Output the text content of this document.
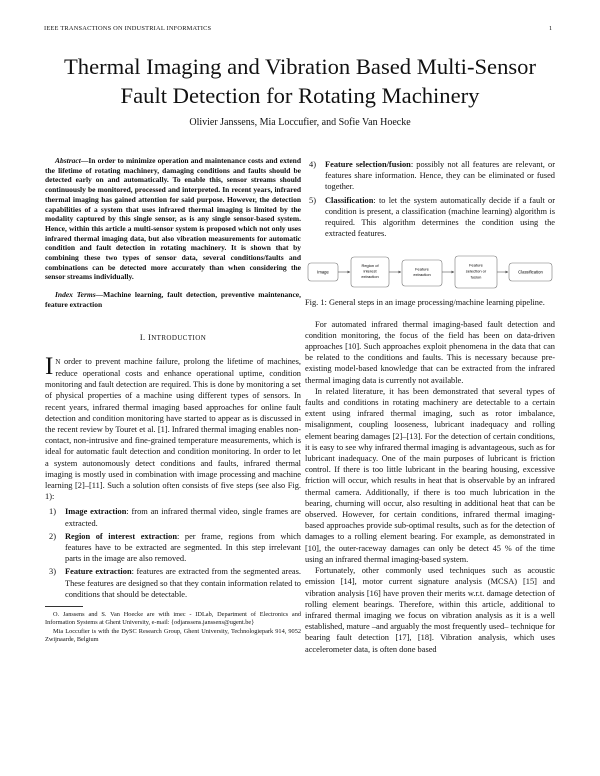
IEEE TRANSACTIONS ON INDUSTRIAL INFORMATICS	1
Thermal Imaging and Vibration Based Multi-Sensor
Fault Detection for Rotating Machinery
Olivier Janssens, Mia Loccufier, and Sofie Van Hoecke

Abstract—In order to minimize operation and maintenance costs and extend the lifetime of rotating machinery, damaging conditions and faults should be detected early on and automatically. To enable this, sensor streams should continuously be monitored, processed and interpreted. In recent years, infrared thermal imaging has gained attention for said purpose. However, the detection capabilities of a system that uses infrared thermal imaging is limited by the modality captured by this single sensor, as is any single sensor-based system. Hence, within this article a multi-sensor system is proposed which not only uses infrared thermal imaging data, but also vibration measurements for automatic condition and fault detection in rotating machinery. It is shown that by combining these two types of sensor data, several conditions/faults and combinations can be detected more accurately than when considering the sensor streams individually.

Index Terms—Machine learning, fault detection, preventive maintenance, feature extraction

I. INTRODUCTION

I N order to prevent machine failure, prolong the lifetime of machines, reduce operational costs and enhance operational uptime, condition monitoring and fault detection are required. This is done by monitoring a set of physical properties of a machine using different types of sensors. In recent years, infrared thermal imaging based approaches for online fault detection and condition monitoring have started to appear as is discussed in the recent review by Touret et al. [1]. Infrared thermal imaging enables non-contact, non-intrusive and fine-grained temperature measurements, which is ideal for automatic fault detection and condition monitoring. In order to let a system autonomously detect conditions and faults, infrared thermal imaging is mostly used in combination with image processing and machine learning [2]–[11]. Such a solution often consists of five steps (see also Fig. 1):

1) Image extraction: from an infrared thermal video, single frames are extracted.
2) Region of interest extraction: per frame, regions from which features have to be extracted are segmented. In this step irrelevant parts in the image are also removed.
3) Feature extraction: features are extracted from the segmented areas. These features are designed so that they contain information related to conditions that should be detectable.

O. Janssens and S. Van Hoecke are with imec - IDLab, Department of Electronics and Information Systems at Ghent University, e-mail: {odjanssens.janssens@ugent.be}

Mia Loccufier is with the DySC Research Group, Ghent University, Technologiepark 914, 9052 Zwijnaarde, Belgium

4) Feature selection/fusion: possibly not all features are relevant, or features share information. Hence, they can be eliminated or fused together.
5) Classification: to let the system automatically decide if a fault or condition is present, a classification (machine learning) algorithm is required. This algorithm determines the condition using the extracted features.
Image
Region of
interest
extraction
Feature
extraction
Feature
selection or
fusion
Classification

Fig. 1: General steps in an image processing/machine learning pipeline.

For automated infrared thermal imaging-based fault detection and condition monitoring, the focus of the field has been on data-driven approaches [10]. Such approaches exploit phenomena in the data that can be related to the conditions and faults. This is necessary because pre-existing model-based knowledge that can be extracted from the infrared thermal imaging data is currently not available.

In related literature, it has been demonstrated that several types of faults and conditions in rotating machinery are detectable to a certain extent using infrared thermal imaging, such as rotor imbalance, misalignment, coupling looseness, lubricant inadequacy and rolling element bearing damages [2]–[13]. For the detection of certain conditions, it is easy to see why infrared thermal imaging is advantageous, such as for lubricant inadequacy. One of the main purposes of lubricant is friction control. If there is too little lubricant in the bearing housing, excessive friction will occur, which results in heat that is observable by an infrared thermal camera. Additionally, if there is too much lubrication in the bearing, churning will occur, also resulting in additional heat that can be observed. However, for certain conditions, infrared thermal imaging-based approaches provide sub-optimal results, such as for the detection of damages to a rolling element bearing. For example, as demonstrated in [10], the outer-raceway damages can only be detect 45 % of the time using an infrared thermal imaging-based system.

Fortunately, other commonly used techniques such as acoustic emission [14], motor current signature analysis (MCSA) [15] and vibration analysis [16] have proven their merits w.r.t. damage detection of rolling element bearings. Therefore, within this article, additional to infrared thermal imaging we focus on vibration analysis as it is a well established, mature –and arguably the most frequently used– technique for bearing fault detection [17], [18]. Vibration analysis, which uses accelerometer data, is often done based
